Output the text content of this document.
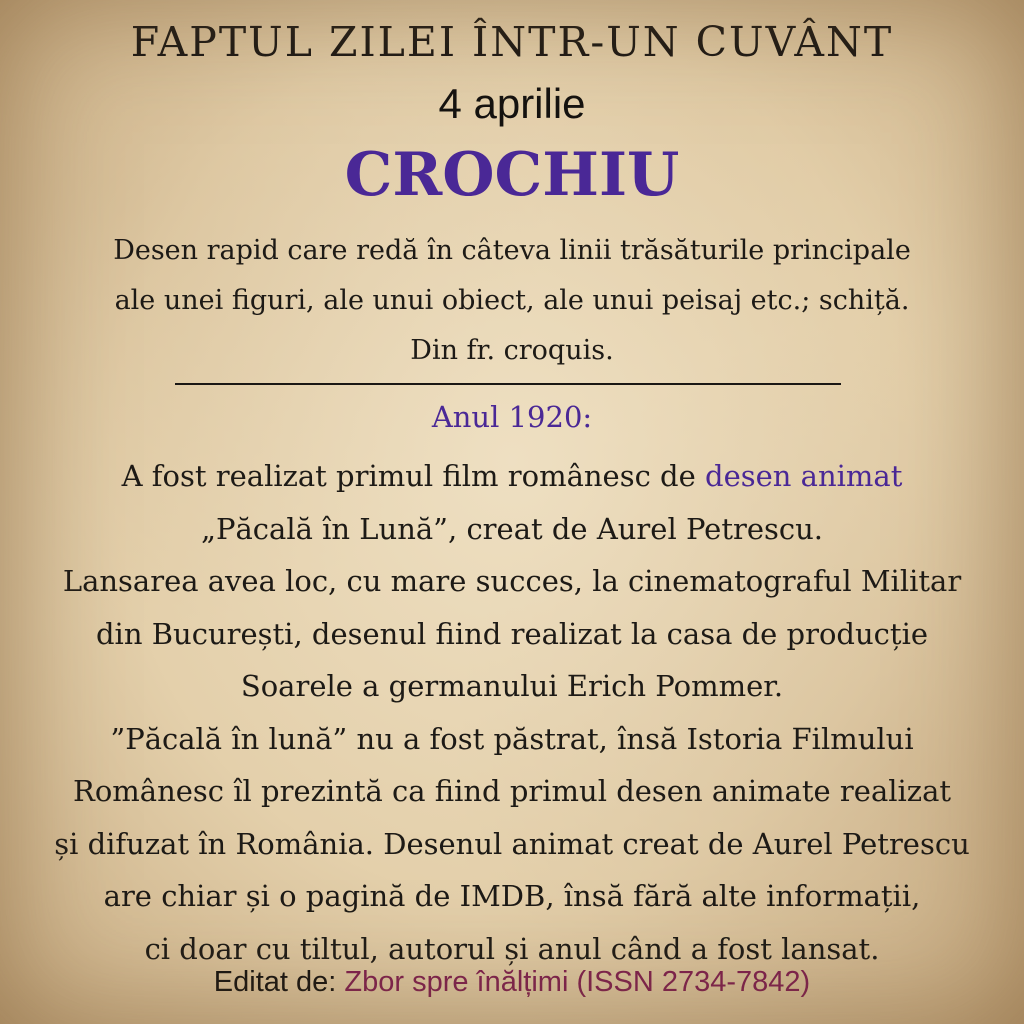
FAPTUL ZILEI ÎNTR-UN CUVÂNT
4 aprilie
CROCHIU
Desen rapid care redă în câteva linii trăsăturile principale
ale unei figuri, ale unui obiect, ale unui peisaj etc.; schiță.
Din fr. croquis.
Anul 1920:
A fost realizat primul film românesc de desen animat
„Păcală în Lună”, creat de Aurel Petrescu.
Lansarea avea loc, cu mare succes, la cinematograful Militar
din București, desenul fiind realizat la casa de producție
Soarele a germanului Erich Pommer.
”Păcală în lună” nu a fost păstrat, însă Istoria Filmului
Românesc îl prezintă ca fiind primul desen animate realizat
și difuzat în România. Desenul animat creat de Aurel Petrescu
are chiar și o pagină de IMDB, însă fără alte informații,
ci doar cu tiltul, autorul și anul când a fost lansat.
Editat de: Zbor spre înălțimi (ISSN 2734-7842)
